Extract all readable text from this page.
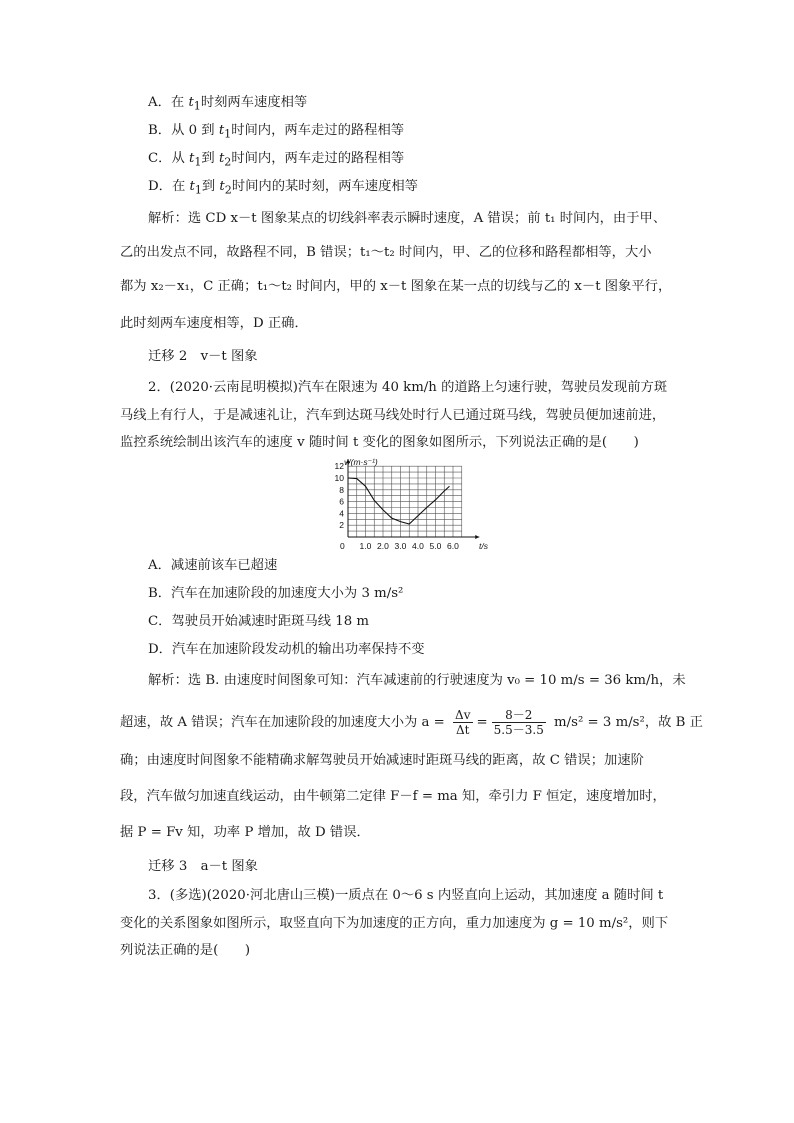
A．在 $t_1$时刻两车速度相等
B．从 0 到 $t_1$时间内，两车走过的路程相等
C．从 $t_1$到 $t_2$时间内，两车走过的路程相等
D．在 $t_1$到 $t_2$时间内的某时刻，两车速度相等
解析：选 CD x－t 图象某点的切线斜率表示瞬时速度，A 错误；前 t₁ 时间内，由于甲、
乙的出发点不同，故路程不同，B 错误；t₁～t₂ 时间内，甲、乙的位移和路程都相等，大小
都为 x₂－x₁，C 正确；t₁～t₂ 时间内，甲的 x－t 图象在某一点的切线与乙的 x－t 图象平行，
此时刻两车速度相等，D 正确．
迁移 2　v－t 图象
2．(2020·云南昆明模拟)汽车在限速为 40 km/h 的道路上匀速行驶，驾驶员发现前方斑
马线上有行人，于是减速礼让，汽车到达斑马线处时行人已通过斑马线，驾驶员便加速前进，
监控系统绘制出该汽车的速度 v 随时间 t 变化的图象如图所示，下列说法正确的是(　　)
0 1.0 2.0 3.0 4.0 5.0 6.0
2
4
6
8
10
12 v/(m·s⁻¹)
t/s
A．减速前该车已超速
B．汽车在加速阶段的加速度大小为 3 m/s²
C．驾驶员开始减速时距斑马线 18 m
D．汽车在加速阶段发动机的输出功率保持不变
解析：选 B. 由速度时间图象可知：汽车减速前的行驶速度为 v₀ = 10 m/s = 36 km/h，未
超速，故 A 错误；汽车在加速阶段的加速度大小为 $a = \frac{\Delta v}{\Delta t} = \frac{8-2}{5.5-3.5} m/s^2 = 3$ m/s²，故 B 正
确；由速度时间图象不能精确求解驾驶员开始减速时距斑马线的距离，故 C 错误；加速阶
段，汽车做匀加速直线运动，由牛顿第二定律 F－f = ma 知，牵引力 F 恒定，速度增加时，
据 P = Fv 知，功率 P 增加，故 D 错误．
迁移 3　a－t 图象
3．(多选)(2020·河北唐山三模)一质点在 0～6 s 内竖直向上运动，其加速度 a 随时间 t
变化的关系图象如图所示，取竖直向下为加速度的正方向，重力加速度为 g = 10 m/s²，则下
列说法正确的是(　　)
